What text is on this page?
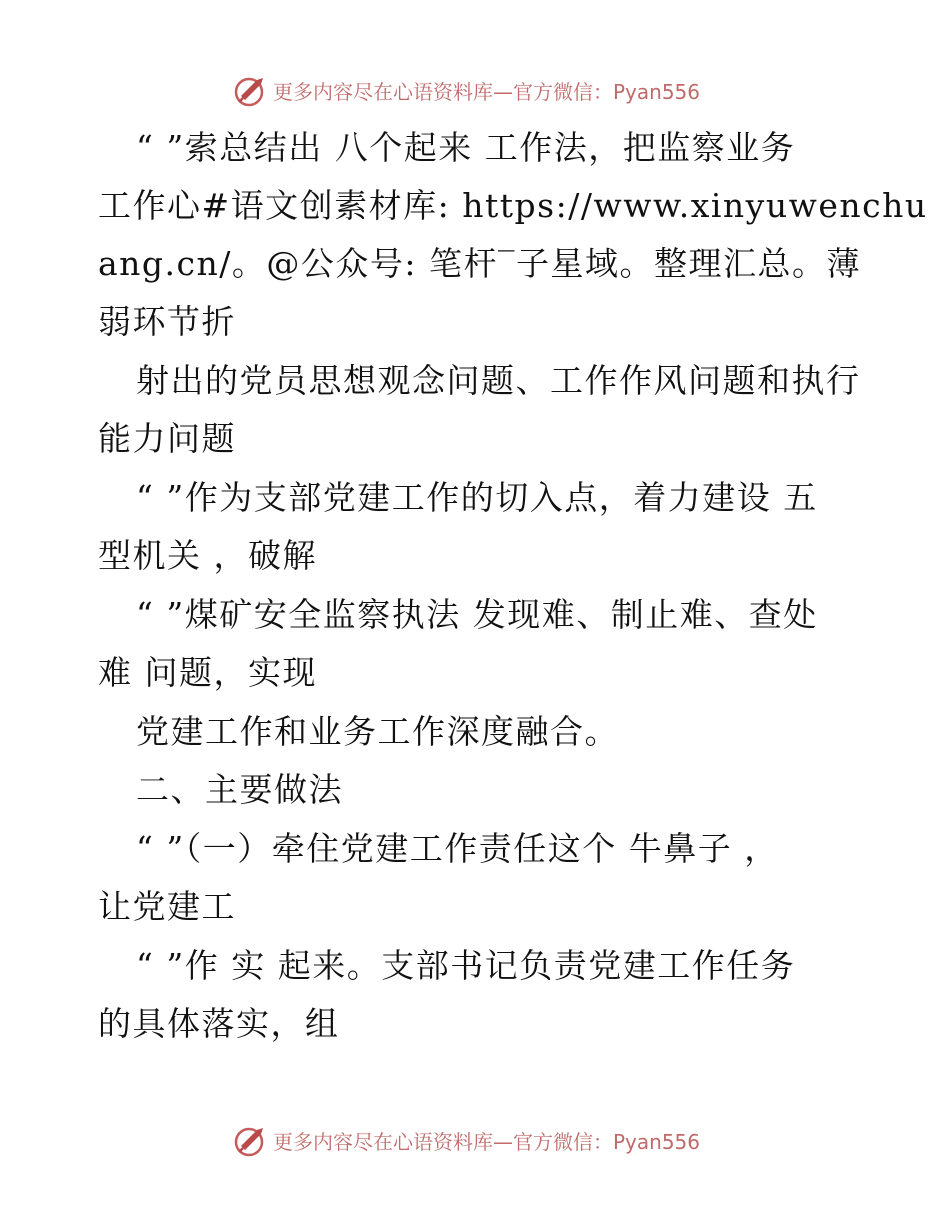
更多内容尽在心语资料库—官方微信：Pyan556
“ ”索总结出 八个起来 工作法，把监察业务
工作心#语文创素材库: https://www.xinyuwenchu
ang.cn/。@公众号: 笔杆‾子星域。整理汇总。薄
弱环节折
射出的党员思想观念问题、工作作风问题和执行
能力问题
“ ”作为支部党建工作的切入点，着力建设 五
型机关 ，破解
“ ”煤矿安全监察执法 发现难、制止难、查处
难 问题，实现
党建工作和业务工作深度融合。
二、主要做法
“ ”（一）牵住党建工作责任这个 牛鼻子 ，
让党建工
“ ”作 实 起来。支部书记负责党建工作任务
的具体落实，组
更多内容尽在心语资料库—官方微信：Pyan556
